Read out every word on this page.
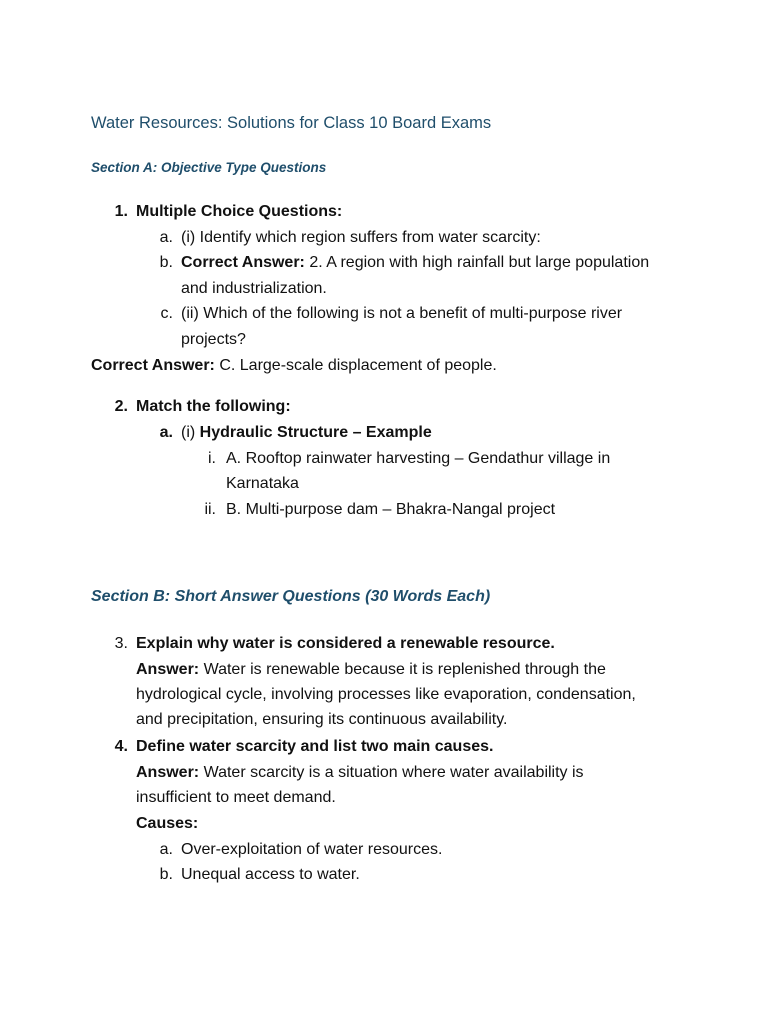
Water Resources: Solutions for Class 10 Board Exams
Section A: Objective Type Questions
1. Multiple Choice Questions:
a. (i) Identify which region suffers from water scarcity:
b. Correct Answer: 2. A region with high rainfall but large population
and industrialization.
c. (ii) Which of the following is not a benefit of multi-purpose river
projects?
Correct Answer: C. Large-scale displacement of people.
2. Match the following:
a. (i) Hydraulic Structure – Example
i. A. Rooftop rainwater harvesting – Gendathur village in
Karnataka
ii. B. Multi-purpose dam – Bhakra-Nangal project
Section B: Short Answer Questions (30 Words Each)
3. Explain why water is considered a renewable resource.
Answer: Water is renewable because it is replenished through the
hydrological cycle, involving processes like evaporation, condensation,
and precipitation, ensuring its continuous availability.
4. Define water scarcity and list two main causes.
Answer: Water scarcity is a situation where water availability is
insufficient to meet demand.
Causes:
a. Over-exploitation of water resources.
b. Unequal access to water.
